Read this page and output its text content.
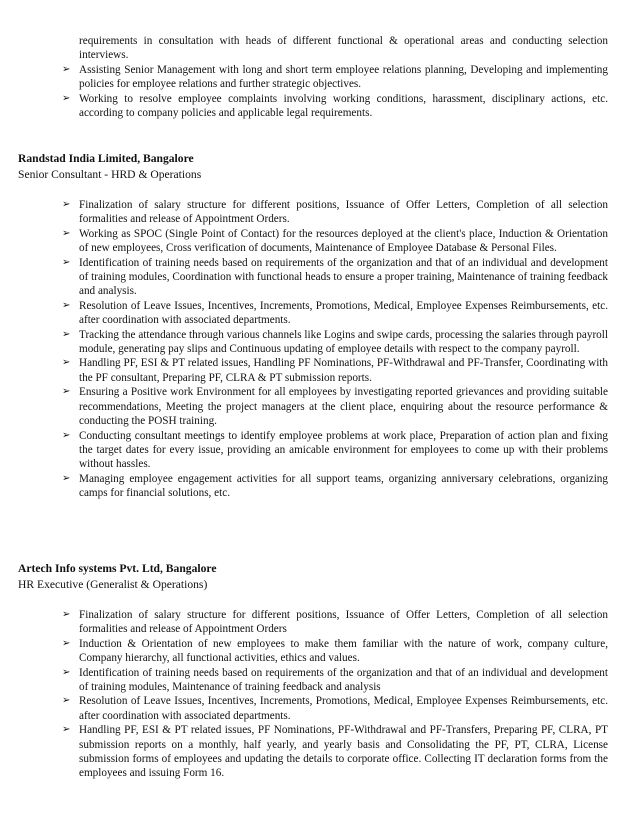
requirements in consultation with heads of different functional & operational areas and conducting selection interviews.
➢ Assisting Senior Management with long and short term employee relations planning, Developing and implementing policies for employee relations and further strategic objectives.
➢ Working to resolve employee complaints involving working conditions, harassment, disciplinary actions, etc. according to company policies and applicable legal requirements.
Randstad India Limited, Bangalore
Senior Consultant - HRD & Operations
➢ Finalization of salary structure for different positions, Issuance of Offer Letters, Completion of all selection formalities and release of Appointment Orders.
➢ Working as SPOC (Single Point of Contact) for the resources deployed at the client's place, Induction & Orientation of new employees, Cross verification of documents, Maintenance of Employee Database & Personal Files.
➢ Identification of training needs based on requirements of the organization and that of an individual and development of training modules, Coordination with functional heads to ensure a proper training, Maintenance of training feedback and analysis.
➢ Resolution of Leave Issues, Incentives, Increments, Promotions, Medical, Employee Expenses Reimbursements, etc. after coordination with associated departments.
➢ Tracking the attendance through various channels like Logins and swipe cards, processing the salaries through payroll module, generating pay slips and Continuous updating of employee details with respect to the company payroll.
➢ Handling PF, ESI & PT related issues, Handling PF Nominations, PF-Withdrawal and PF-Transfer, Coordinating with the PF consultant, Preparing PF, CLRA & PT submission reports.
➢ Ensuring a Positive work Environment for all employees by investigating reported grievances and providing suitable recommendations, Meeting the project managers at the client place, enquiring about the resource performance & conducting the POSH training.
➢ Conducting consultant meetings to identify employee problems at work place, Preparation of action plan and fixing the target dates for every issue, providing an amicable environment for employees to come up with their problems without hassles.
➢ Managing employee engagement activities for all support teams, organizing anniversary celebrations, organizing camps for financial solutions, etc.
Artech Info systems Pvt. Ltd, Bangalore
HR Executive (Generalist & Operations)
➢ Finalization of salary structure for different positions, Issuance of Offer Letters, Completion of all selection formalities and release of Appointment Orders
➢ Induction & Orientation of new employees to make them familiar with the nature of work, company culture, Company hierarchy, all functional activities, ethics and values.
➢ Identification of training needs based on requirements of the organization and that of an individual and development of training modules, Maintenance of training feedback and analysis
➢ Resolution of Leave Issues, Incentives, Increments, Promotions, Medical, Employee Expenses Reimbursements, etc. after coordination with associated departments.
➢ Handling PF, ESI & PT related issues, PF Nominations, PF-Withdrawal and PF-Transfers, Preparing PF, CLRA, PT submission reports on a monthly, half yearly, and yearly basis and Consolidating the PF, PT, CLRA, License submission forms of employees and updating the details to corporate office. Collecting IT declaration forms from the employees and issuing Form 16.
